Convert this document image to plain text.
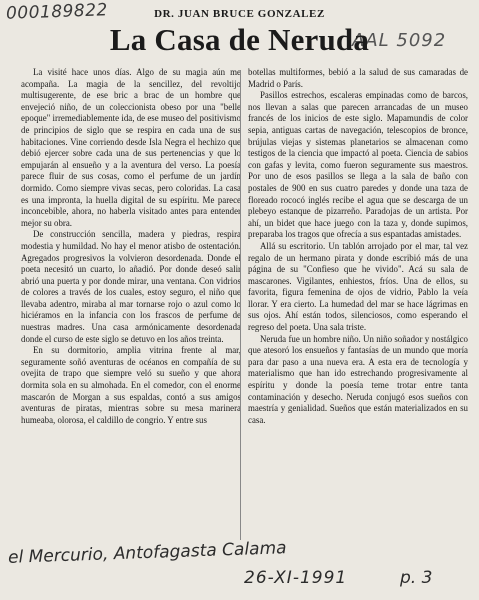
000189822
AAL 5092
DR. JUAN BRUCE GONZALEZ
La Casa de Neruda

La visité hace unos días. Algo de su magia aún me acompaña. La magia de la sencillez, del revoltijo multisugerente, de ese bric a brac de un hombre que envejeció niño, de un coleccionista obeso por una "belle epoque" irremediablemente ida, de ese museo del positivismo de principios de siglo que se respira en cada una de sus habitaciones. Vine corriendo desde Isla Negra el hechizo que debió ejercer sobre cada una de sus pertenencias y que lo empujarán al ensueño y a la aventura del verso. La poesía parece fluir de sus cosas, como el perfume de un jardín dormido. Como siempre vivas secas, pero coloridas. La casa es una impronta, la huella digital de su espíritu. Me parece inconcebible, ahora, no haberla visitado antes para entender mejor su obra.

De construcción sencilla, madera y piedras, respira modestia y humildad. No hay el menor atisbo de ostentación. Agregados progresivos la volvieron desordenada. Donde el poeta necesitó un cuarto, lo añadió. Por donde deseó salir abrió una puerta y por donde mirar, una ventana. Con vidrios de colores a través de los cuales, estoy seguro, el niño que llevaba adentro, miraba al mar tornarse rojo o azul como lo hiciéramos en la infancia con los frascos de perfume de nuestras madres. Una casa armónicamente desordenada donde el curso de este siglo se detuvo en los años treinta.

En su dormitorio, amplia vitrina frente al mar, seguramente soñó aventuras de océanos en compañía de su ovejita de trapo que siempre veló su sueño y que ahora dormita sola en su almohada. En el comedor, con el enorme mascarón de Morgan a sus espaldas, contó a sus amigos aventuras de piratas, mientras sobre su mesa marinera humeaba, olorosa, el caldillo de congrio. Y entre sus

botellas multiformes, bebió a la salud de sus camaradas de Madrid o París.

Pasillos estrechos, escaleras empinadas como de barcos, nos llevan a salas que parecen arrancadas de un museo francés de los inicios de este siglo. Mapamundis de color sepia, antiguas cartas de navegación, telescopios de bronce, brújulas viejas y sistemas planetarios se almacenan como testigos de la ciencia que impactó al poeta. Ciencia de sabios con gafas y levita, como fueron seguramente sus maestros. Por uno de esos pasillos se llega a la sala de baño con postales de 900 en sus cuatro paredes y donde una taza de floreado rococó inglés recibe el agua que se descarga de un plebeyo estanque de pizarreño. Paradojas de un artista. Por ahí, un bidet que hace juego con la taza y, donde supimos, preparaba los tragos que ofrecía a sus espantadas amistades.

Allá su escritorio. Un tablón arrojado por el mar, tal vez regalo de un hermano pirata y donde escribió más de una página de su "Confieso que he vivido". Acá su sala de mascarones. Vigilantes, enhiestos, fríos. Una de ellos, su favorita, figura femenina de ojos de vidrio, Pablo la veía llorar. Y era cierto. La humedad del mar se hace lágrimas en sus ojos. Ahí están todos, silenciosos, como esperando el regreso del poeta. Una sala triste.

Neruda fue un hombre niño. Un niño soñador y nostálgico que atesoró los ensueños y fantasías de un mundo que moría para dar paso a una nueva era. A esta era de tecnología y materialismo que han ido estrechando progresivamente al espíritu y donde la poesía teme trotar entre tanta contaminación y desecho. Neruda conjugó esos sueños con maestría y genialidad. Sueños que están materializados en su casa.

el Mercurio, Antofagasta Calama
26-XI-1991	p. 3
